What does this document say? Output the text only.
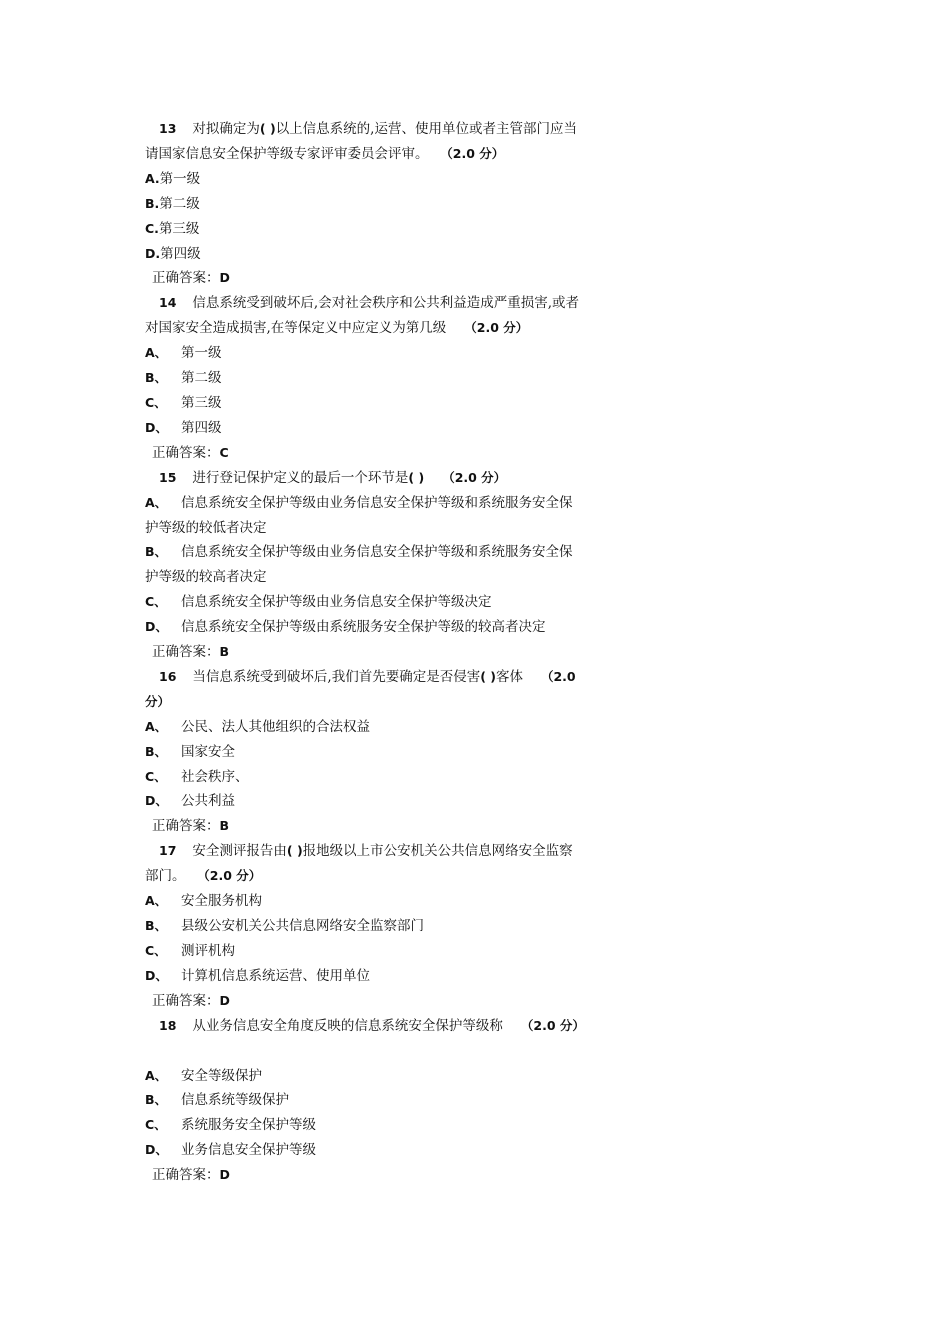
13 对拟确定为( )以上信息系统的,运营、使用单位或者主管部门应当请国家信息安全保护等级专家评审委员会评审。 （2.0 分）
A. 第一级
B. 第二级
C. 第三级
D. 第四级
正确答案：D
14 信息系统受到破坏后,会对社会秩序和公共利益造成严重损害,或者对国家安全造成损害,在等保定义中应定义为第几级 （2.0 分）
A、	第一级
B、	第二级
C、	第三级
D、 第四级
正确答案：C
15 进行登记保护定义的最后一个环节是( ) （2.0 分）
A、 信息系统安全保护等级由业务信息安全保护等级和系统服务安全保护等级的较低者决定
B、 信息系统安全保护等级由业务信息安全保护等级和系统服务安全保护等级的较高者决定
C、 信息系统安全保护等级由业务信息安全保护等级决定
D、 信息系统安全保护等级由系统服务安全保护等级的较高者决定
正确答案：B
16 当信息系统受到破坏后,我们首先要确定是否侵害( )客体 （2.0 分）
A、	公民、法人其他组织的合法权益
B、	国家安全
C、	社会秩序、
D、 公共利益
正确答案：B
17 安全测评报告由( )报地级以上市公安机关公共信息网络安全监察部门。 （2.0 分）
A、	安全服务机构
B、	县级公安机关公共信息网络安全监察部门
C、	测评机构
D、 计算机信息系统运营、使用单位
正确答案：D
18 从业务信息安全角度反映的信息系统安全保护等级称 （2.0 分）
A、	安全等级保护
B、	信息系统等级保护
C、	系统服务安全保护等级
D、 业务信息安全保护等级
正确答案：D
